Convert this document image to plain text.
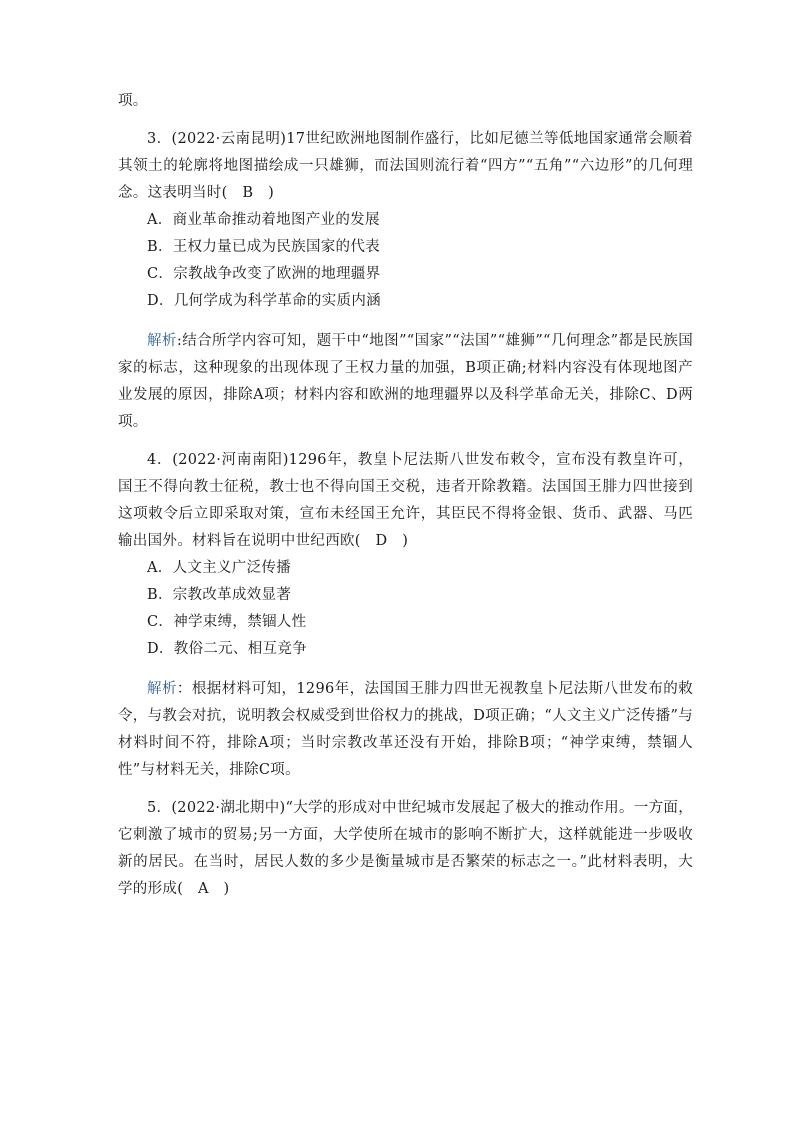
项。

3．(2022·云南昆明)17世纪欧洲地图制作盛行，比如尼德兰等低地国家通常会顺着其领土的轮廓将地图描绘成一只雄狮，而法国则流行着“四方”“五角”“六边形”的几何理念。这表明当时(　B　)

A．商业革命推动着地图产业的发展

B．王权力量已成为民族国家的代表

C．宗教战争改变了欧洲的地理疆界

D．几何学成为科学革命的实质内涵

解析:结合所学内容可知，题干中“地图”“国家”“法国”“雄狮”“几何理念”都是民族国家的标志，这种现象的出现体现了王权力量的加强，B项正确;材料内容没有体现地图产业发展的原因，排除A项；材料内容和欧洲的地理疆界以及科学革命无关，排除C、D两项。

4．(2022·河南南阳)1296年，教皇卜尼法斯八世发布敕令，宣布没有教皇许可，国王不得向教士征税，教士也不得向国王交税，违者开除教籍。法国国王腓力四世接到这项敕令后立即采取对策，宣布未经国王允许，其臣民不得将金银、货币、武器、马匹输出国外。材料旨在说明中世纪西欧(　D　)

A．人文主义广泛传播

B．宗教改革成效显著

C．神学束缚，禁锢人性

D．教俗二元、相互竞争

解析：根据材料可知，1296年，法国国王腓力四世无视教皇卜尼法斯八世发布的敕令，与教会对抗，说明教会权威受到世俗权力的挑战，D项正确；“人文主义广泛传播”与材料时间不符，排除A项；当时宗教改革还没有开始，排除B项；“神学束缚，禁锢人性”与材料无关，排除C项。

5．(2022·湖北期中)“大学的形成对中世纪城市发展起了极大的推动作用。一方面，它刺激了城市的贸易;另一方面，大学使所在城市的影响不断扩大，这样就能进一步吸收新的居民。在当时，居民人数的多少是衡量城市是否繁荣的标志之一。”此材料表明，大学的形成(　A　)
